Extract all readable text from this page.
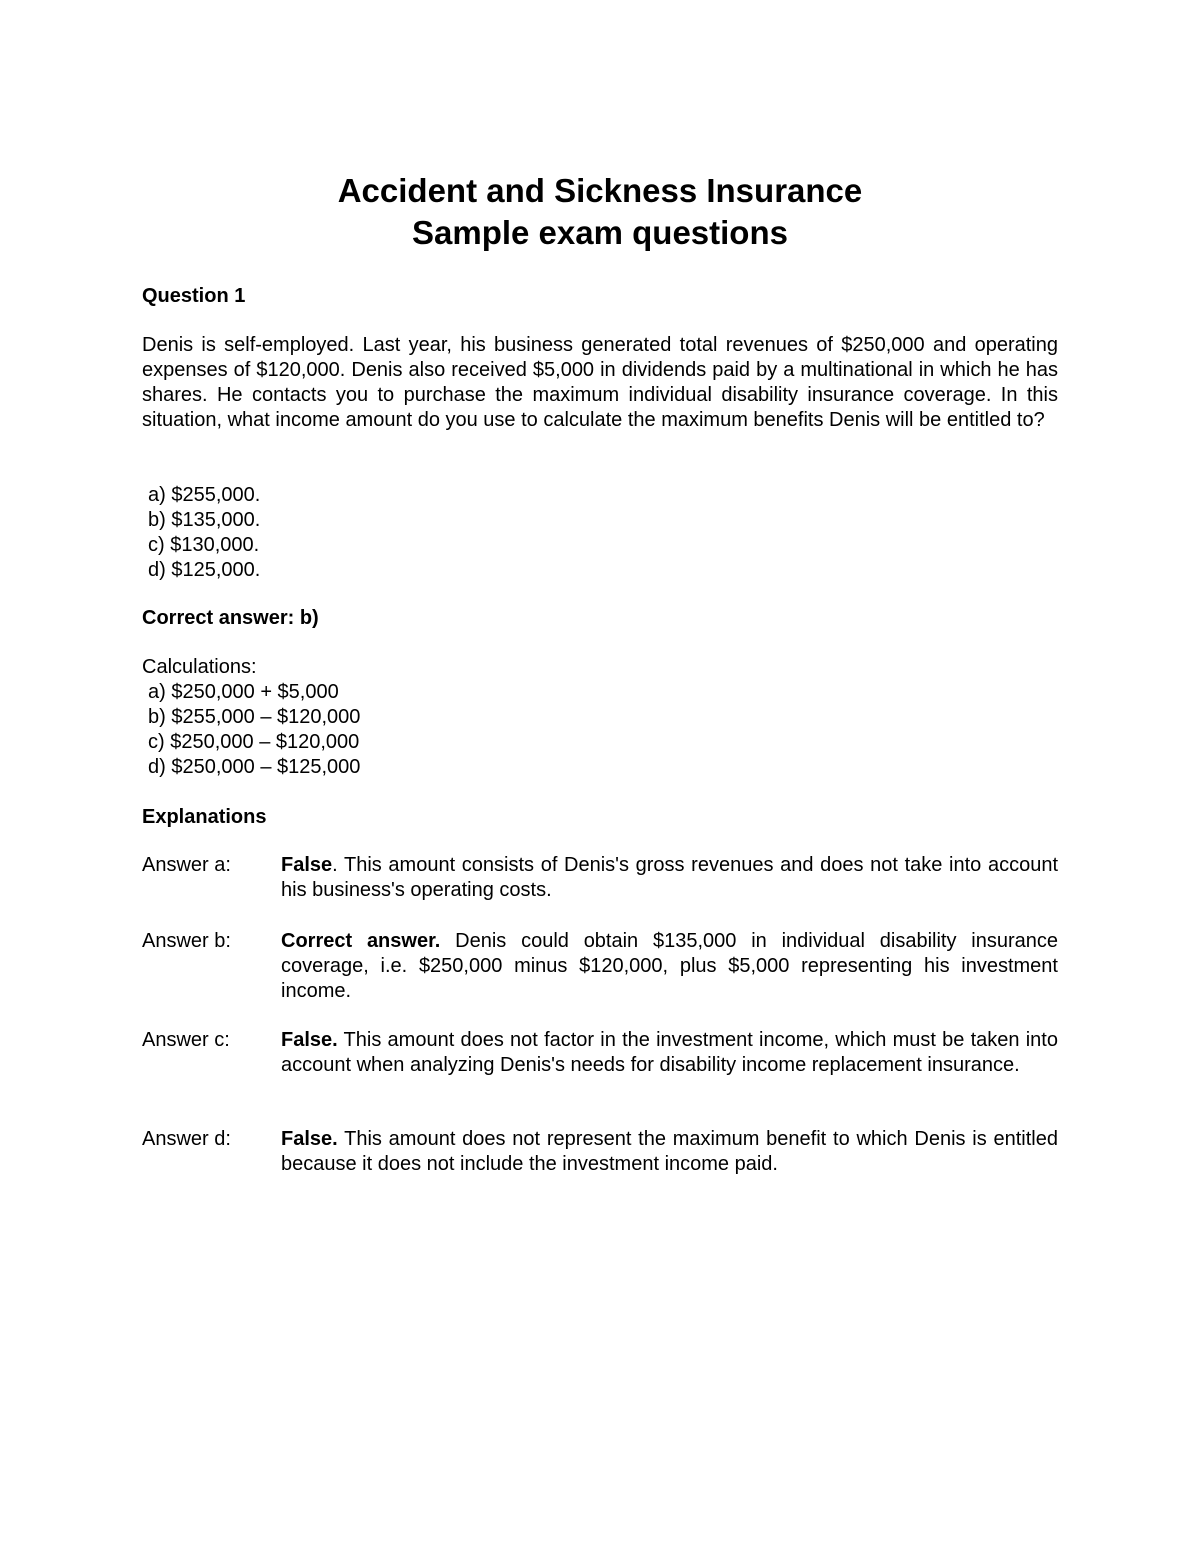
Accident and Sickness Insurance
Sample exam questions
Question 1
Denis is self-employed. Last year, his business generated total revenues of $250,000 and operating expenses of $120,000. Denis also received $5,000 in dividends paid by a multinational in which he has shares. He contacts you to purchase the maximum individual disability insurance coverage. In this situation, what income amount do you use to calculate the maximum benefits Denis will be entitled to?
a) $255,000.
b) $135,000.
c) $130,000.
d) $125,000.
Correct answer: b)
Calculations:
a) $250,000 + $5,000
b) $255,000 – $120,000
c) $250,000 – $120,000
d) $250,000 – $125,000
Explanations
Answer a:	False. This amount consists of Denis's gross revenues and does not take into account his business's operating costs.
Answer b:	Correct answer. Denis could obtain $135,000 in individual disability insurance coverage, i.e. $250,000 minus $120,000, plus $5,000 representing his investment income.
Answer c:	False. This amount does not factor in the investment income, which must be taken into account when analyzing Denis's needs for disability income replacement insurance.
Answer d:	False. This amount does not represent the maximum benefit to which Denis is entitled because it does not include the investment income paid.
